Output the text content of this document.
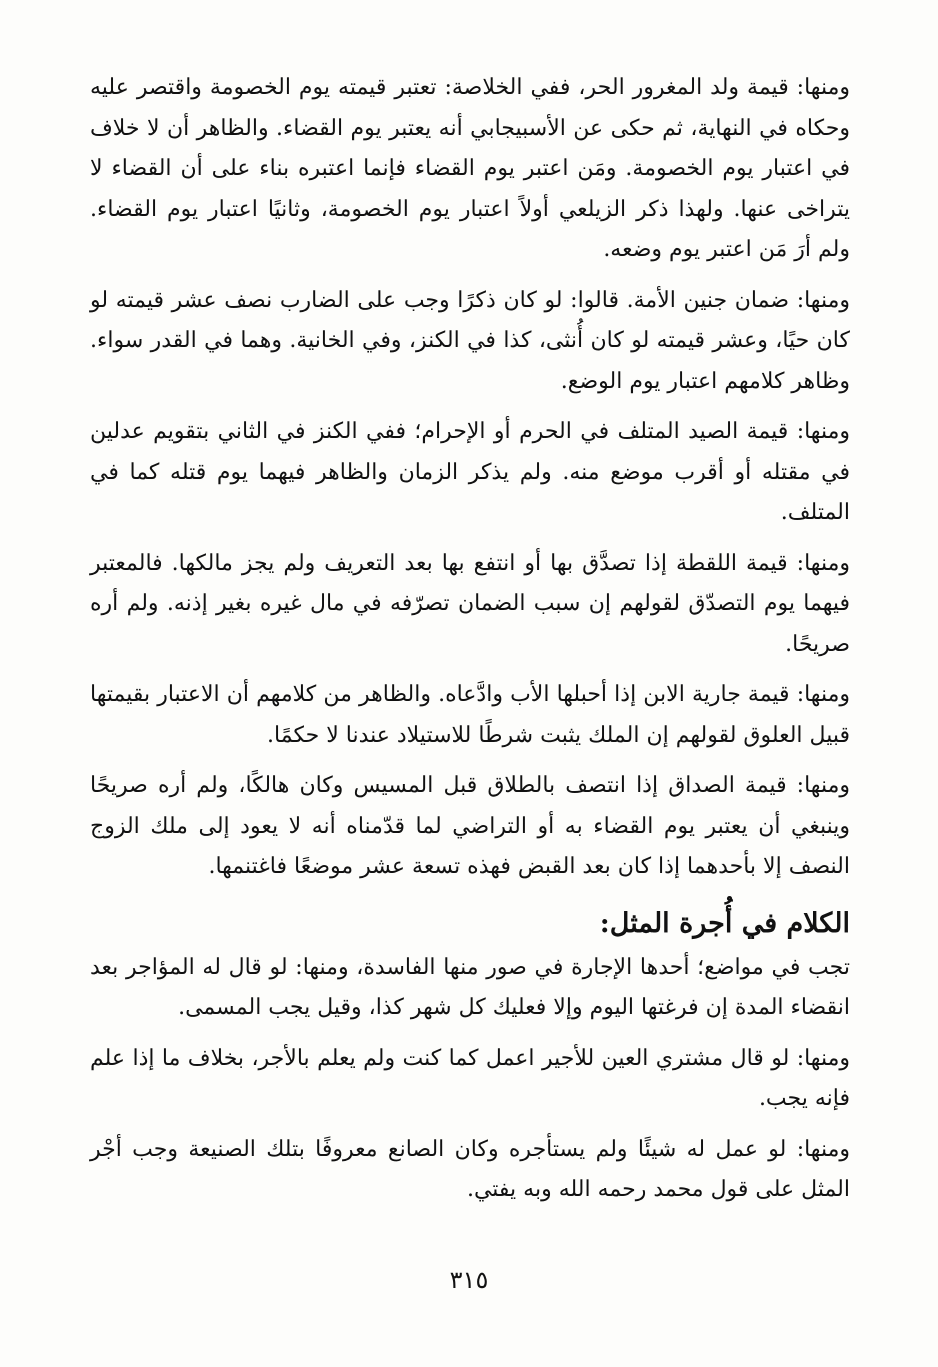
ومنها: قيمة ولد المغرور الحر، ففي الخلاصة: تعتبر قيمته يوم الخصومة واقتصر عليه وحكاه في النهاية، ثم حكى عن الأسبيجابي أنه يعتبر يوم القضاء. والظاهر أن لا خلاف في اعتبار يوم الخصومة. ومَن اعتبر يوم القضاء فإنما اعتبره بناء على أن القضاء لا يتراخى عنها. ولهذا ذكر الزيلعي أولاً اعتبار يوم الخصومة، وثانيًا اعتبار يوم القضاء. ولم أرَ مَن اعتبر يوم وضعه.

ومنها: ضمان جنين الأمة. قالوا: لو كان ذكرًا وجب على الضارب نصف عشر قيمته لو كان حيًا، وعشر قيمته لو كان أُنثى، كذا في الكنز، وفي الخانية. وهما في القدر سواء. وظاهر كلامهم اعتبار يوم الوضع.

ومنها: قيمة الصيد المتلف في الحرم أو الإحرام؛ ففي الكنز في الثاني بتقويم عدلين في مقتله أو أقرب موضع منه. ولم يذكر الزمان والظاهر فيهما يوم قتله كما في المتلف.

ومنها: قيمة اللقطة إذا تصدَّق بها أو انتفع بها بعد التعريف ولم يجز مالكها. فالمعتبر فيهما يوم التصدّق لقولهم إن سبب الضمان تصرّفه في مال غيره بغير إذنه. ولم أره صريحًا.

ومنها: قيمة جارية الابن إذا أحبلها الأب وادَّعاه. والظاهر من كلامهم أن الاعتبار بقيمتها قبيل العلوق لقولهم إن الملك يثبت شرطًا للاستيلاد عندنا لا حكمًا.

ومنها: قيمة الصداق إذا انتصف بالطلاق قبل المسيس وكان هالكًا، ولم أره صريحًا وينبغي أن يعتبر يوم القضاء به أو التراضي لما قدّمناه أنه لا يعود إلى ملك الزوج النصف إلا بأحدهما إذا كان بعد القبض فهذه تسعة عشر موضعًا فاغتنمها.

الكلام في أُجرة المثل:

تجب في مواضع؛ أحدها الإجارة في صور منها الفاسدة، ومنها: لو قال له المؤاجر بعد انقضاء المدة إن فرغتها اليوم وإلا فعليك كل شهر كذا، وقيل يجب المسمى.

ومنها: لو قال مشتري العين للأجير اعمل كما كنت ولم يعلم بالأجر، بخلاف ما إذا علم فإنه يجب.

ومنها: لو عمل له شيئًا ولم يستأجره وكان الصانع معروفًا بتلك الصنيعة وجب أجْر المثل على قول محمد رحمه الله وبه يفتي.

٣١٥
